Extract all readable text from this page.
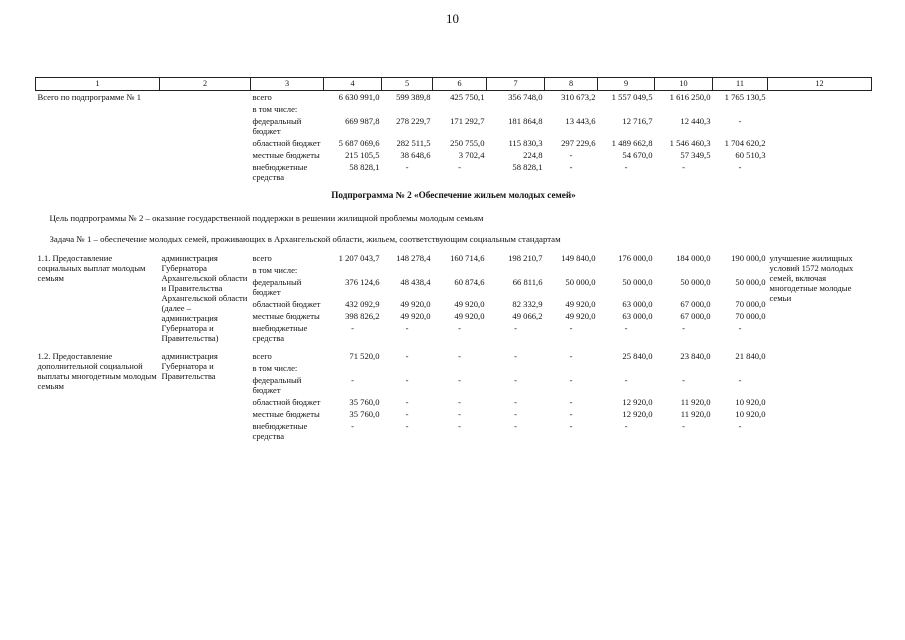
10
1	2	3	4	5	6	7	8	9	10	11	12
Всего по подпрограмме № 1		всего	6 630 991,0	599 389,8	425 750,1	356 748,0	310 673,2	1 557 049,5	1 616 250,0	1 765 130,5	
		в том числе:									
		федеральный бюджет	669 987,8	278 229,7	171 292,7	181 864,8	13 443,6	12 716,7	12 440,3	-	
		областной бюджет	5 687 069,6	282 511,5	250 755,0	115 830,3	297 229,6	1 489 662,8	1 546 460,3	1 704 620,2	
		местные бюджеты	215 105,5	38 648,6	3 702,4	224,8	-	54 670,0	57 349,5	60 510,3	
		внебюджетные средства	58 828,1	-	-	58 828,1	-	-	-	-	
Подпрограмма № 2 «Обеспечение жильем молодых семей»											
Цель подпрограммы № 2 – оказание государственной поддержки в решении жилищной проблемы молодым семьям											
Задача № 1 – обеспечение молодых семей, проживающих в Архангельской области, жильем, соответствующим социальным стандартам											
1.1. Предоставление социальных выплат молодым семьям	администрация Губернатора Архангельской области и Правительства Архангельской области (далее – администрация Губернатора и Правительства)	всего	1 207 043,7	148 278,4	160 714,6	198 210,7	149 840,0	176 000,0	184 000,0	190 000,0	улучшение жилищных условий 1572 молодых семей, включая многодетные молодые семьи
		в том числе:									
		федеральный бюджет	376 124,6	48 438,4	60 874,6	66 811,6	50 000,0	50 000,0	50 000,0	50 000,0	
		областной бюджет	432 092,9	49 920,0	49 920,0	82 332,9	49 920,0	63 000,0	67 000,0	70 000,0	
		местные бюджеты	398 826,2	49 920,0	49 920,0	49 066,2	49 920,0	63 000,0	67 000,0	70 000,0	
		внебюджетные средства	-	-	-	-	-	-	-	-	

1.2. Предоставление дополнительной социальной выплаты многодетным молодым семьям	администрация Губернатора и Правительства	всего	71 520,0	-	-	-	-	25 840,0	23 840,0	21 840,0	
		в том числе:									
		федеральный бюджет	-	-	-	-	-	-	-	-	
		областной бюджет	35 760,0	-	-	-	-	12 920,0	11 920,0	10 920,0	
		местные бюджеты	35 760,0	-	-	-	-	12 920,0	11 920,0	10 920,0	
		внебюджетные средства	-	-	-	-	-	-	-	-	
